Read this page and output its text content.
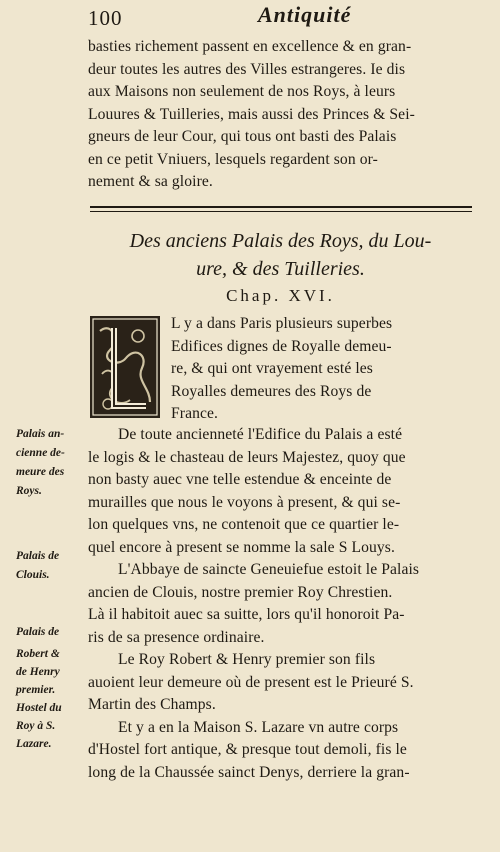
100	Antiquité
basties richement passent en excellence & en gran-
deur toutes les autres des Villes estrangeres. Ie dis
aux Maisons non seulement de nos Roys, à leurs
Louures & Tuilleries, mais aussi des Princes & Sei-
gneurs de leur Cour, qui tous ont basti des Palais
en ce petit Vniuers, lesquels regardent son or-
nement & sa gloire.
Des anciens Palais des Roys, du Lou-
ure, & des Tuilleries.
Chap. XVI.
L y a dans Paris plusieurs superbes
Edifices dignes de Royalle demeu-
re, & qui ont vrayement esté les
Royalles demeures des Roys de
France.
De toute ancienneté l'Edifice du Palais a esté
le logis & le chasteau de leurs Majestez, quoy que
non basty auec vne telle estendue & enceinte de
murailles que nous le voyons à present, & qui se-
lon quelques vns, ne contenoit que ce quartier le-
quel encore à present se nomme la sale S Louys.
L'Abbaye de saincte Geneuiefue estoit le Palais
ancien de Clouis, nostre premier Roy Chrestien.
Là il habitoit auec sa suitte, lors qu'il honoroit Pa-
ris de sa presence ordinaire.
Le Roy Robert & Henry premier son fils
auoient leur demeure où de present est le Prieuré S.
Martin des Champs.
Et y a en la Maison S. Lazare vn autre corps
d'Hostel fort antique, & presque tout demoli, fis le
long de la Chaussée sainct Denys, derriere la gran-
Palais an-
cienne de-
meure des
Roys.
Palais de
Clouis.
Palais de
Robert &
de Henry
premier.
Hostel du
Roy à S.
Lazare.
